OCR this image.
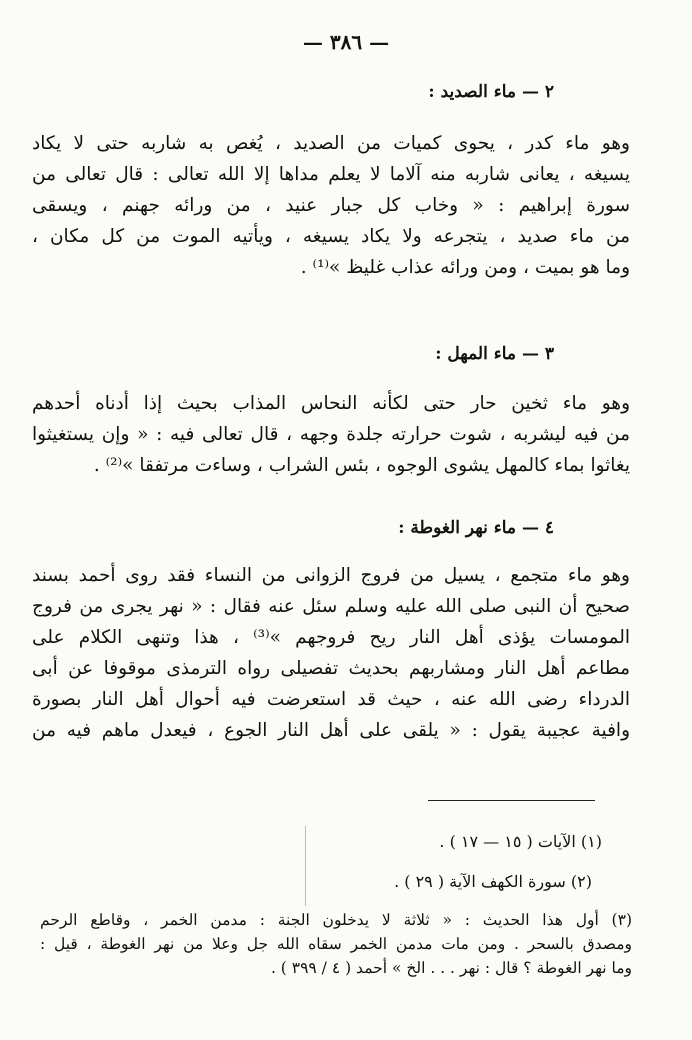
— ٣٨٦ —
٢ — ماء الصديد :

وهو ماء كدر ، يحوى كميات من الصديد ، يُغص به شاربه حتى لا يكاد
يسيغه ، يعانى شاربه منه آلاما لا يعلم مداها إلا الله تعالى : قال تعالى من
سورة إبراهيم : « وخاب كل جبار عنيد ، من ورائه جهنم ، ويسقى
من ماء صديد ، يتجرعه ولا يكاد يسيغه ، ويأتيه الموت من كل مكان ،
وما هو بميت ، ومن ورائه عذاب غليظ »⁽¹⁾ .

٣ — ماء المهل :

وهو ماء ثخين حار حتى لكأنه النحاس المذاب بحيث إذا أدناه أحدهم
من فيه ليشربه ، شوت حرارته جلدة وجهه ، قال تعالى فيه : « وإن يستغيثوا
يغاثوا بماء كالمهل يشوى الوجوه ، بئس الشراب ، وساءت مرتفقا »⁽²⁾ .

٤ — ماء نهر الغوطة :

وهو ماء متجمع ، يسيل من فروج الزوانى من النساء فقد روى أحمد بسند
صحيح أن النبى صلى الله عليه وسلم سئل عنه فقال : « نهر يجرى من فروج
المومسات يؤذى أهل النار ريح فروجهم »⁽³⁾ ، هذا وتنهى الكلام على
مطاعم أهل النار ومشاربهم بحديث تفصيلى رواه الترمذى موقوفا عن أبى
الدرداء رضى الله عنه ، حيث قد استعرضت فيه أحوال أهل النار بصورة
وافية عجيبة يقول : « يلقى على أهل النار الجوع ، فيعدل ماهم فيه من

(١) الآيات ( ١٥ — ١٧ ) .
(٢) سورة الكهف الآية ( ٢٩ ) .

(٣) أول هذا الحديث : « ثلاثة لا يدخلون الجنة : مدمن الخمر ، وقاطع الرحم
ومصدق بالسحر . ومن مات مدمن الخمر سقاه الله جل وعلا من نهر الغوطة ، قيل :
وما نهر الغوطة ؟ قال : نهر . . . الخ » أحمد ( ٤ / ٣٩٩ ) .
